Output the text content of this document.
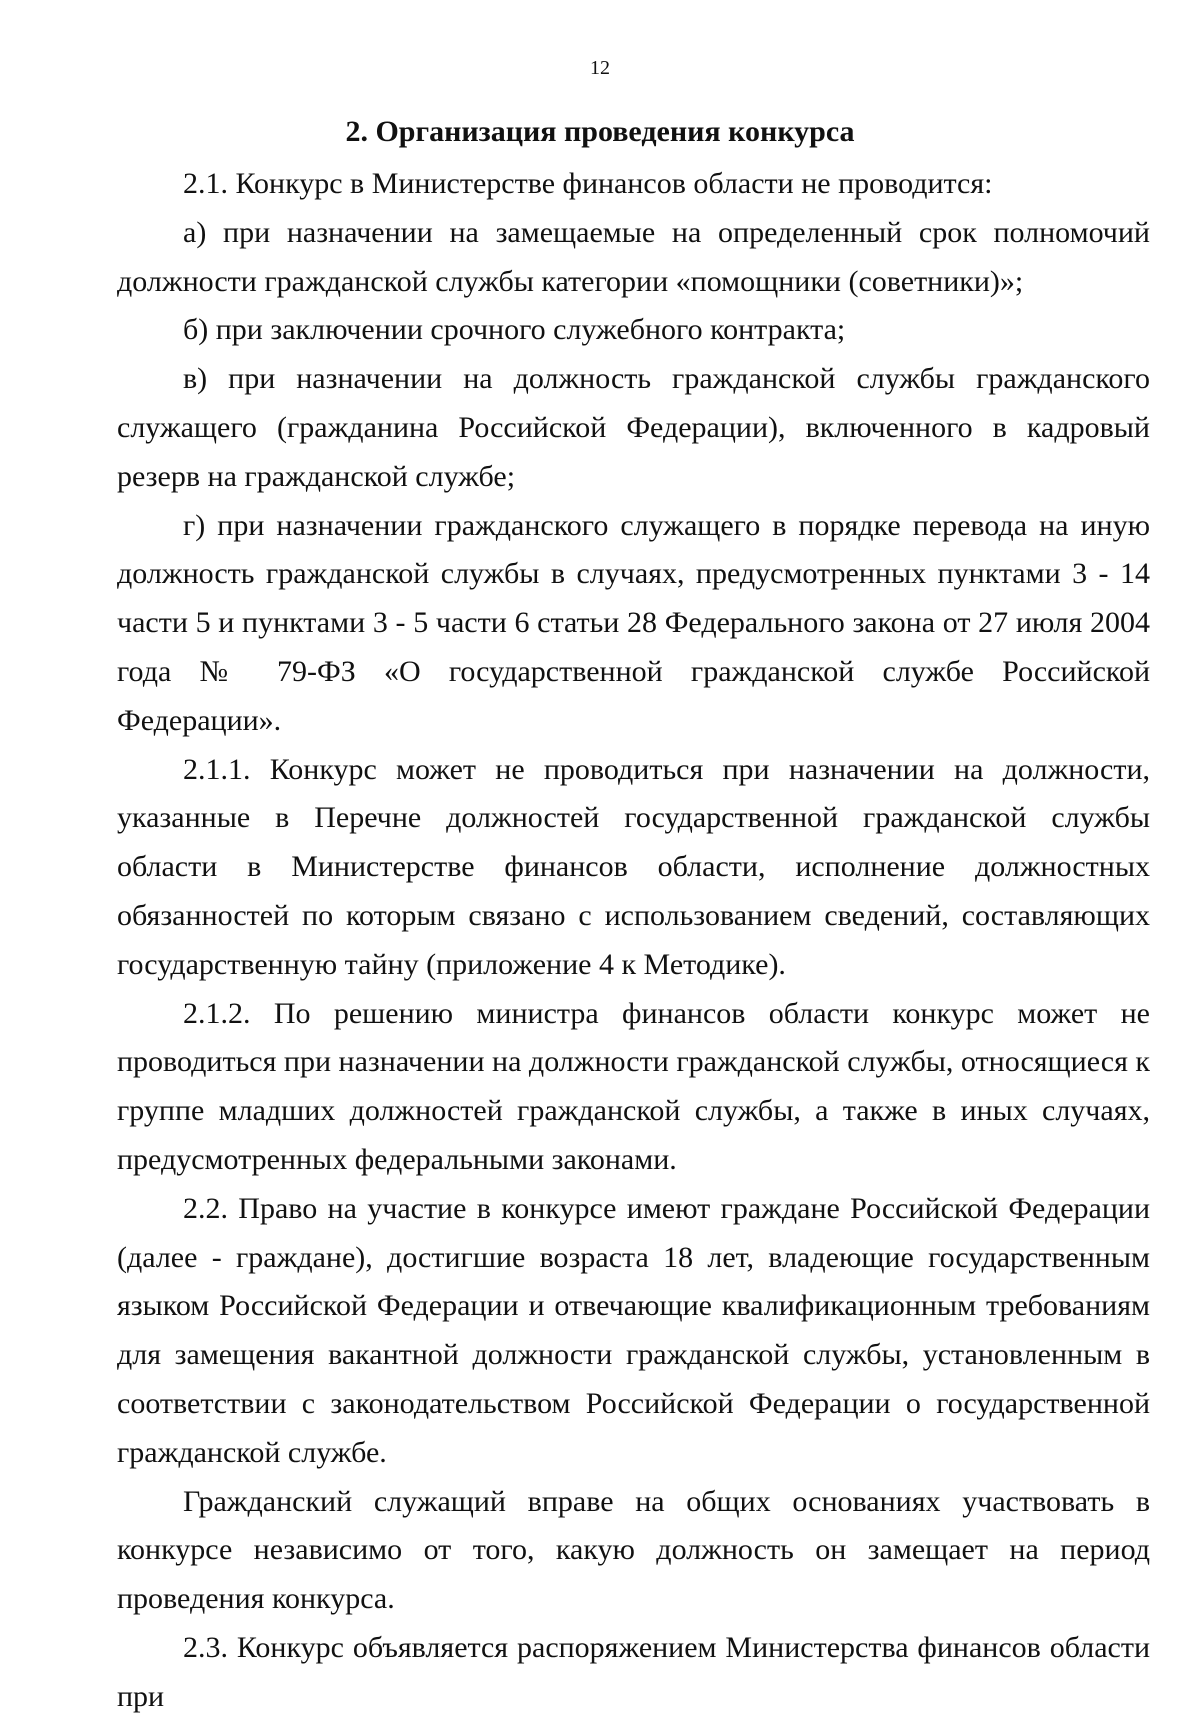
12
2. Организация проведения конкурса

2.1. Конкурс в Министерстве финансов области не проводится:

а) при назначении на замещаемые на определенный срок полномочий должности гражданской службы категории «помощники (советники)»;

б) при заключении срочного служебного контракта;

в) при назначении на должность гражданской службы гражданского служащего (гражданина Российской Федерации), включенного в кадровый резерв на гражданской службе;

г) при назначении гражданского служащего в порядке перевода на иную должность гражданской службы в случаях, предусмотренных пунктами 3 - 14 части 5 и пунктами 3 - 5 части 6 статьи 28 Федерального закона от 27 июля 2004 года № 79-ФЗ «О государственной гражданской службе Российской Федерации».

2.1.1. Конкурс может не проводиться при назначении на должности, указанные в Перечне должностей государственной гражданской службы области в Министерстве финансов области, исполнение должностных обязанностей по которым связано с использованием сведений, составляющих государственную тайну (приложение 4 к Методике).

2.1.2. По решению министра финансов области конкурс может не проводиться при назначении на должности гражданской службы, относящиеся к группе младших должностей гражданской службы, а также в иных случаях, предусмотренных федеральными законами.

2.2. Право на участие в конкурсе имеют граждане Российской Федерации (далее - граждане), достигшие возраста 18 лет, владеющие государственным языком Российской Федерации и отвечающие квалификационным требованиям для замещения вакантной должности гражданской службы, установленным в соответствии с законодательством Российской Федерации о государственной гражданской службе.

Гражданский служащий вправе на общих основаниях участвовать в конкурсе независимо от того, какую должность он замещает на период проведения конкурса.

2.3. Конкурс объявляется распоряжением Министерства финансов области при
